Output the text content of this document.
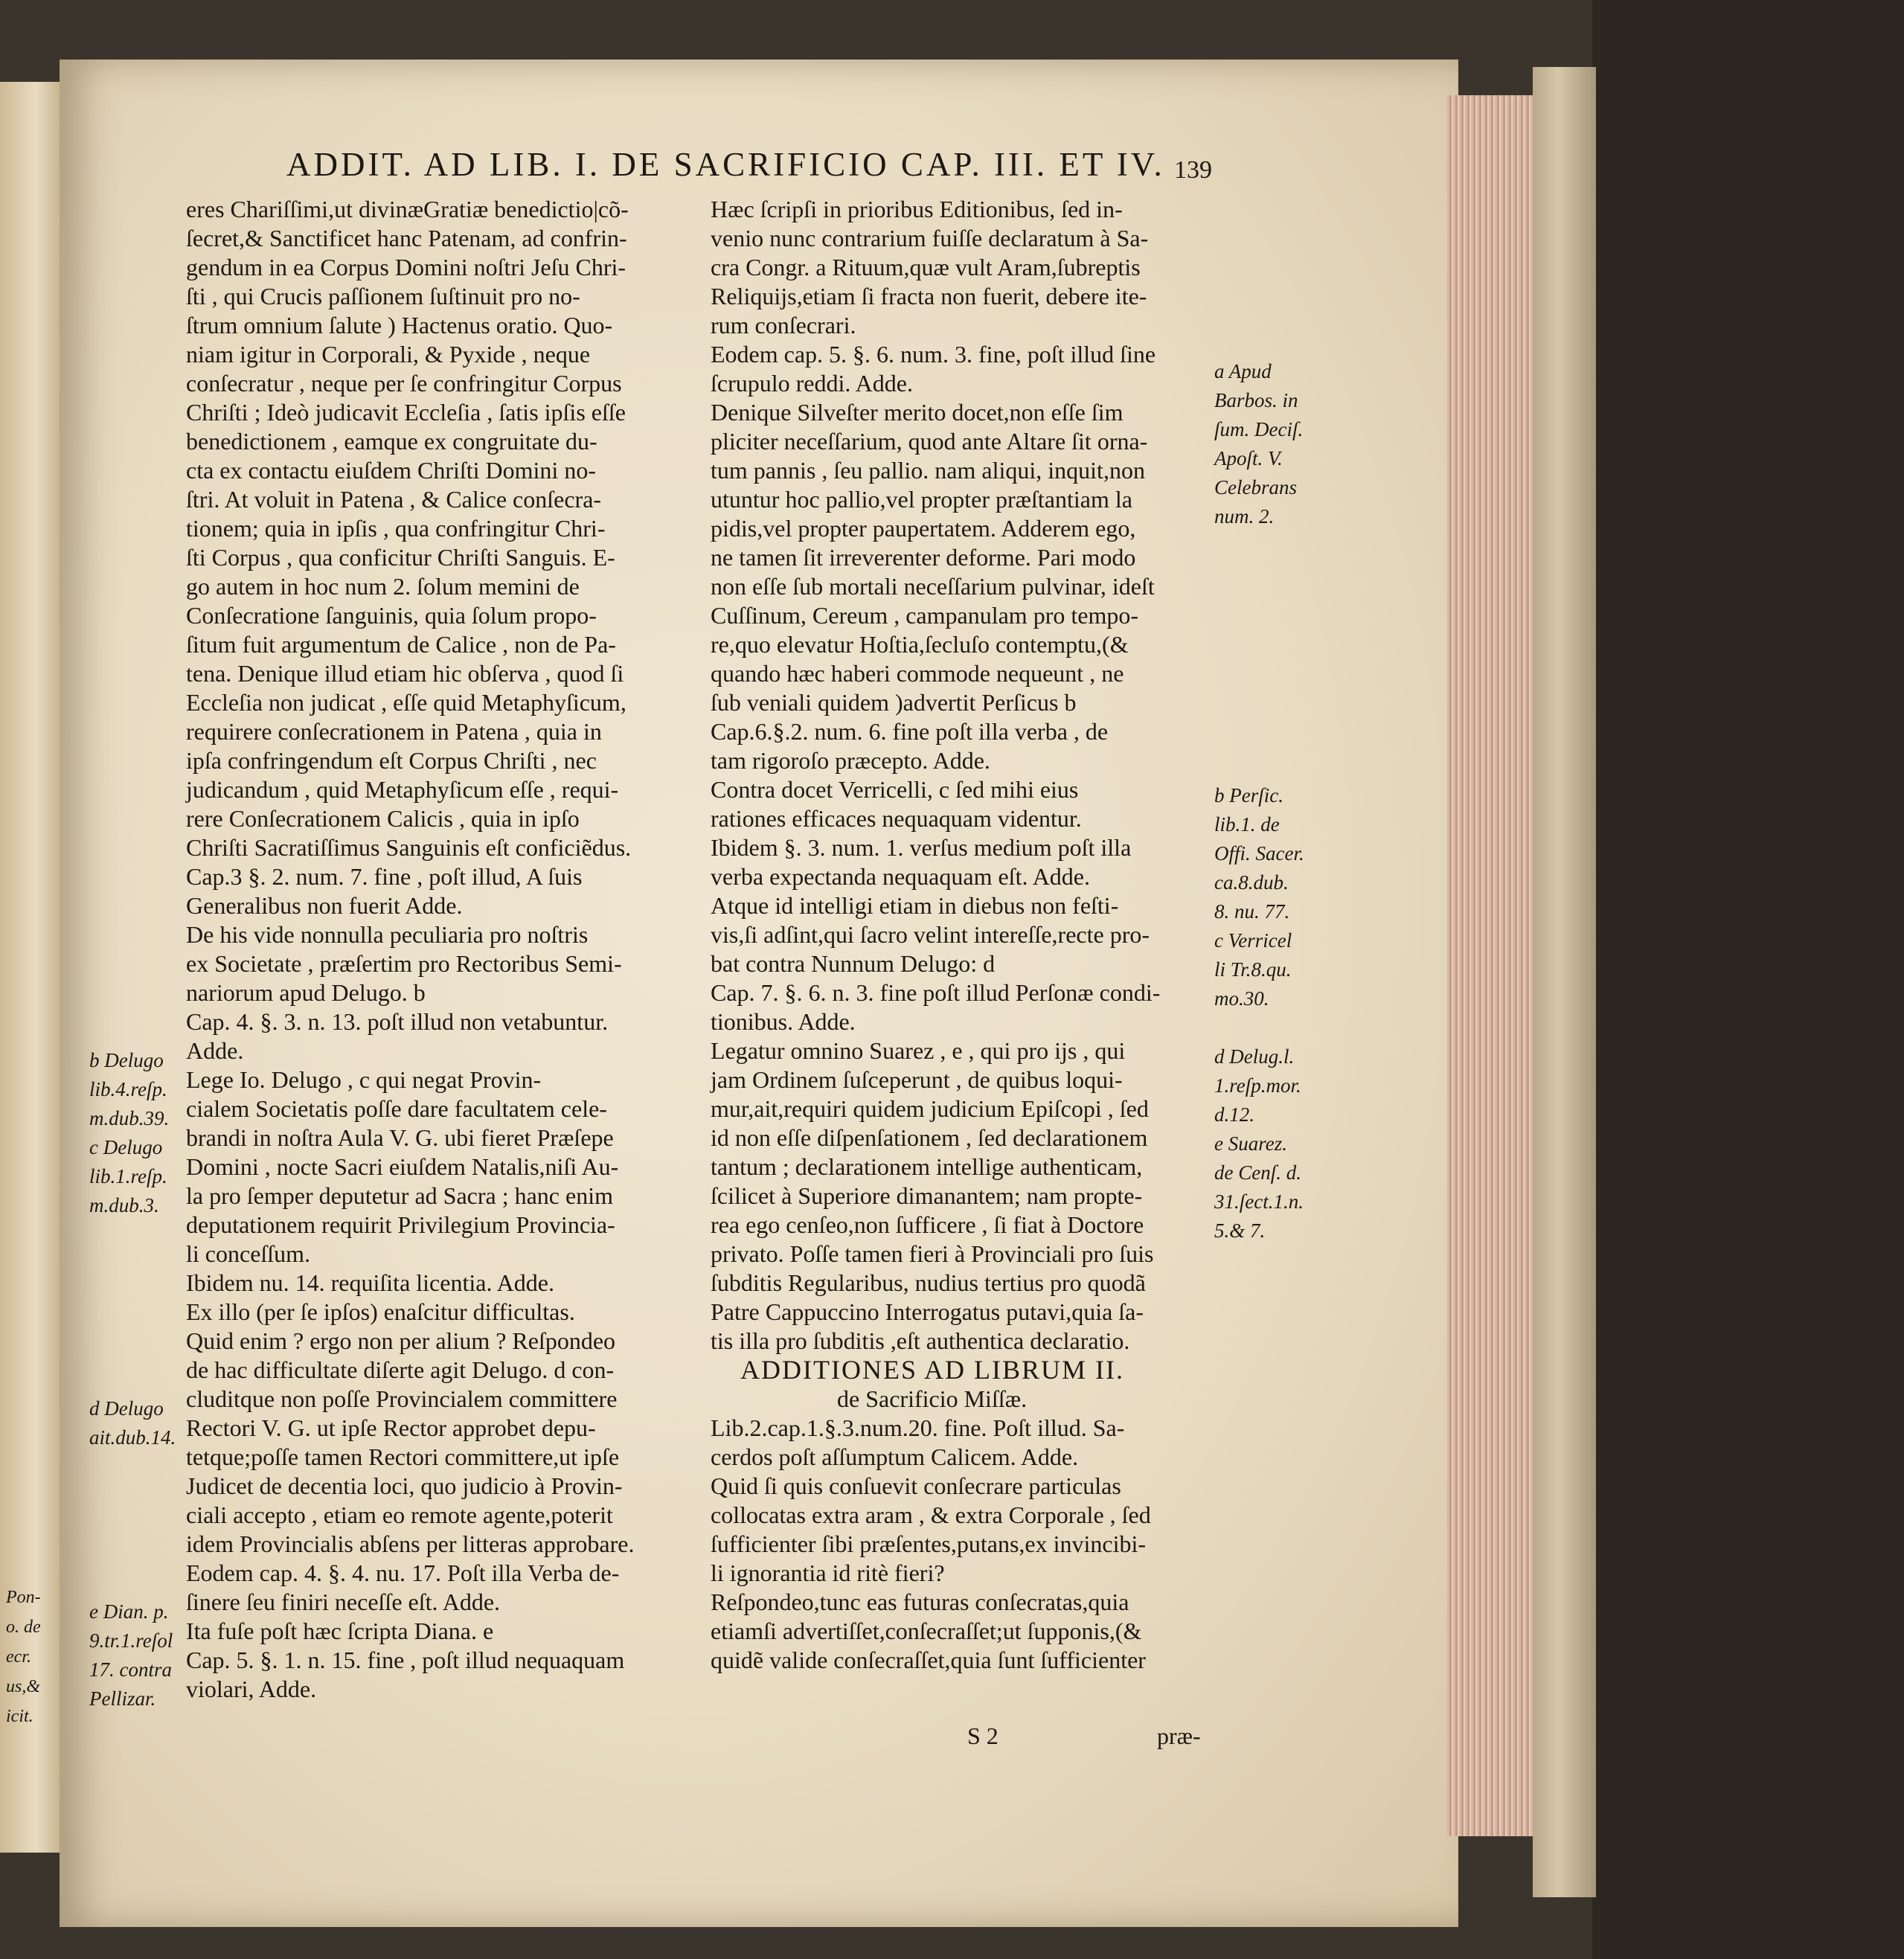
Pon-
o. de
ecr.
us,&
icit.
ADDIT. AD LIB. I. DE SACRIFICIO CAP. III. ET IV. 139
eres Chariſſimi,ut divinæGratiæ benedictio|cõ-
ſecret,& Sanctificet hanc Patenam, ad confrin-
gendum in ea Corpus Domini noſtri Jeſu Chri-
ſti , qui Crucis paſſionem ſuſtinuit pro no-
ſtrum omnium ſalute ) Hactenus oratio. Quo-
niam igitur in Corporali, & Pyxide , neque
conſecratur , neque per ſe confringitur Corpus
Chriſti ; Ideò judicavit Eccleſia , ſatis ipſis eſſe
benedictionem , eamque ex congruitate du-
cta ex contactu eiuſdem Chriſti Domini no-
ſtri. At voluit in Patena , & Calice conſecra-
tionem; quia in ipſis , qua confringitur Chri-
ſti Corpus , qua conficitur Chriſti Sanguis. E-
go autem in hoc num 2. ſolum memini de
Conſecratione ſanguinis, quia ſolum propo-
ſitum fuit argumentum de Calice , non de Pa-
tena. Denique illud etiam hic obſerva , quod ſi
Eccleſia non judicat , eſſe quid Metaphyſicum,
requirere conſecrationem in Patena , quia in
ipſa confringendum eſt Corpus Chriſti , nec
judicandum , quid Metaphyſicum eſſe , requi-
rere Conſecrationem Calicis , quia in ipſo
Chriſti Sacratiſſimus Sanguinis eſt conficiẽdus.
Cap.3 §. 2. num. 7. fine , poſt illud, A ſuis
Generalibus non fuerit Adde.
De his vide nonnulla peculiaria pro noſtris
ex Societate , præſertim pro Rectoribus Semi-
nariorum apud Delugo. b
Cap. 4. §. 3. n. 13. poſt illud non vetabuntur.
Adde.
Lege Io. Delugo , c qui negat Provin-
cialem Societatis poſſe dare facultatem cele-
brandi in noſtra Aula V. G. ubi fieret Præſepe
Domini , nocte Sacri eiuſdem Natalis,niſi Au-
la pro ſemper deputetur ad Sacra ; hanc enim
deputationem requirit Privilegium Provincia-
li conceſſum.
Ibidem nu. 14. requiſita licentia. Adde.
Ex illo (per ſe ipſos) enaſcitur difficultas.
Quid enim ? ergo non per alium ? Reſpondeo
de hac difficultate diſerte agit Delugo. d con-
cluditque non poſſe Provincialem committere
Rectori V. G. ut ipſe Rector approbet depu-
tetque;poſſe tamen Rectori committere,ut ipſe
Judicet de decentia loci, quo judicio à Provin-
ciali accepto , etiam eo remote agente,poterit
idem Provincialis abſens per litteras approbare.
Eodem cap. 4. §. 4. nu. 17. Poſt illa Verba de-
ſinere ſeu finiri neceſſe eſt. Adde.
Ita fuſe poſt hæc ſcripta Diana. e
Cap. 5. §. 1. n. 15. fine , poſt illud nequaquam
violari, Adde.
Hæc ſcripſi in prioribus Editionibus, ſed in-
venio nunc contrarium fuiſſe declaratum à Sa-
cra Congr. a Rituum,quæ vult Aram,ſubreptis
Reliquijs,etiam ſi fracta non fuerit, debere ite-
rum conſecrari.
Eodem cap. 5. §. 6. num. 3. fine, poſt illud ſine
ſcrupulo reddi. Adde.
Denique Silveſter merito docet,non eſſe ſim
pliciter neceſſarium, quod ante Altare ſit orna-
tum pannis , ſeu pallio. nam aliqui, inquit,non
utuntur hoc pallio,vel propter præſtantiam la
pidis,vel propter paupertatem. Adderem ego,
ne tamen ſit irreverenter deforme. Pari modo
non eſſe ſub mortali neceſſarium pulvinar, ideſt
Cuſſinum, Cereum , campanulam pro tempo-
re,quo elevatur Hoſtia,ſecluſo contemptu,(&
quando hæc haberi commode nequeunt , ne
ſub veniali quidem )advertit Perſicus b
Cap.6.§.2. num. 6. fine poſt illa verba , de
tam rigoroſo præcepto. Adde.
Contra docet Verricelli, c ſed mihi eius
rationes efficaces nequaquam videntur.
Ibidem §. 3. num. 1. verſus medium poſt illa
verba expectanda nequaquam eſt. Adde.
Atque id intelligi etiam in diebus non feſti-
vis,ſi adſint,qui ſacro velint intereſſe,recte pro-
bat contra Nunnum Delugo: d
Cap. 7. §. 6. n. 3. fine poſt illud Perſonæ condi-
tionibus. Adde.
Legatur omnino Suarez , e , qui pro ijs , qui
jam Ordinem ſuſceperunt , de quibus loqui-
mur,ait,requiri quidem judicium Epiſcopi , ſed
id non eſſe diſpenſationem , ſed declarationem
tantum ; declarationem intellige authenticam,
ſcilicet à Superiore dimanantem; nam propte-
rea ego cenſeo,non ſufficere , ſi fiat à Doctore
privato. Poſſe tamen fieri à Provinciali pro ſuis
ſubditis Regularibus, nudius tertius pro quodã
Patre Cappuccino Interrogatus putavi,quia ſa-
tis illa pro ſubditis ,eſt authentica declaratio.
ADDITIONES AD LIBRUM II.
de Sacrificio Miſſæ.
Lib.2.cap.1.§.3.num.20. fine. Poſt illud. Sa-
cerdos poſt aſſumptum Calicem. Adde.
Quid ſi quis conſuevit conſecrare particulas
collocatas extra aram , & extra Corporale , ſed
ſufficienter ſibi præſentes,putans,ex invincibi-
li ignorantia id ritè fieri?
Reſpondeo,tunc eas futuras conſecratas,quia
etiamſi advertiſſet,conſecraſſet;ut ſupponis,(&
quidẽ valide conſecraſſet,quia ſunt ſufficienter
b Delugo
lib.4.reſp.
m.dub.39.
c Delugo
lib.1.reſp.
m.dub.3.
d Delugo
ait.dub.14.
e Dian. p.
9.tr.1.reſol
17. contra
Pellizar.
a Apud
Barbos. in
ſum. Deciſ.
Apoſt. V.
Celebrans
num. 2.
b Perſic.
lib.1. de
Offi. Sacer.
ca.8.dub.
8. nu. 77.
c Verricel
li Tr.8.qu.
mo.30.
d Delug.l.
1.reſp.mor.
d.12.
e Suarez.
de Cenſ. d.
31.ſect.1.n.
5.& 7.
S 2	præ-
